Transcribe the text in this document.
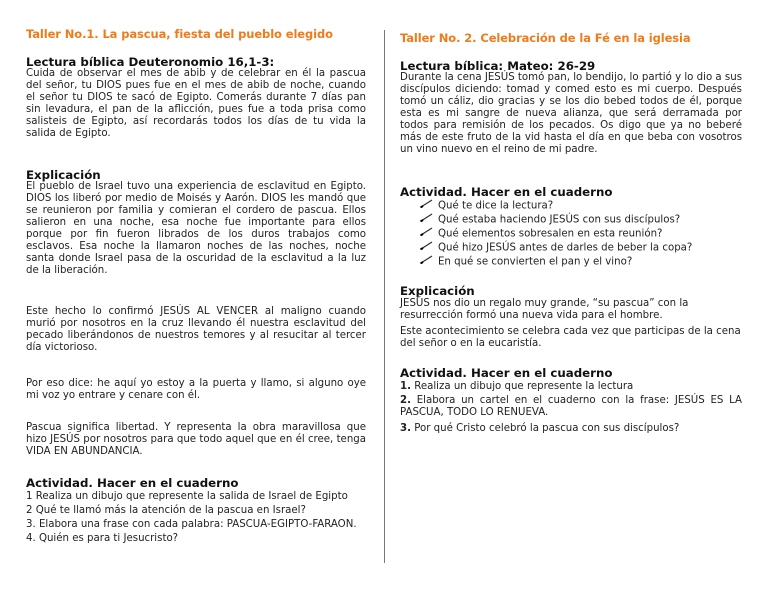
Taller No.1. La pascua, fiesta del pueblo elegido
Lectura bíblica Deuteronomio 16,1-3:
Cuida de observar el mes de abib y de celebrar en él la pascua del señor, tu DIOS pues fue en el mes de abib de noche, cuando el señor tu DIOS te sacó de Egipto. Comerás durante 7 días pan sin levadura, el pan de la aflicción, pues fue a toda prisa como salisteis de Egipto, así recordarás todos los días de tu vida la salida de Egipto.
Explicación
El pueblo de Israel tuvo una experiencia de esclavitud en Egipto. DIOS los liberó por medio de Moisés y Aarón. DIOS les mandó que se reunieron por familia y comieran el cordero de pascua. Ellos salieron en una noche, esa noche fue importante para ellos porque por fin fueron librados de los duros trabajos como esclavos. Esa noche la llamaron noches de las noches, noche santa donde Israel pasa de la oscuridad de la esclavitud a la luz de la liberación.
Este hecho lo confirmó JESÚS AL VENCER al maligno cuando murió por nosotros en la cruz llevando él nuestra esclavitud del pecado liberándonos de nuestros temores y al resucitar al tercer día victorioso.
Por eso dice: he aquí yo estoy a la puerta y llamo, si alguno oye mi voz yo entrare y cenare con él.
Pascua significa libertad. Y representa la obra maravillosa que hizo JESÚS por nosotros para que todo aquel que en él cree, tenga VIDA EN ABUNDANCIA.
Actividad. Hacer en el cuaderno
1 Realiza un dibujo que represente la salida de Israel de Egipto
2 Qué te llamó más la atención de la pascua en Israel?
3. Elabora una frase con cada palabra: PASCUA-EGIPTO-FARAON.
4. Quién es para ti Jesucristo?
Taller No. 2. Celebración de la Fé en la iglesia
Lectura bíblica: Mateo: 26-29
Durante la cena JESÚS tomó pan, lo bendijo, lo partió y lo dio a sus discípulos diciendo: tomad y comed esto es mi cuerpo. Después tomó un cáliz, dio gracias y se los dio bebed todos de él, porque esta es mi sangre de nueva alianza, que será derramada por todos para remisión de los pecados. Os digo que ya no beberé más de este fruto de la vid hasta el día en que beba con vosotros un vino nuevo en el reino de mi padre.
Actividad. Hacer en el cuaderno
Qué te dice la lectura?
Qué estaba haciendo JESÚS con sus discípulos?
Qué elementos sobresalen en esta reunión?
Qué hizo JESÚS antes de darles de beber la copa?
En qué se convierten el pan y el vino?
Explicación
JESÚS nos dio un regalo muy grande, “su pascua” con la resurrección formó una nueva vida para el hombre.
Este acontecimiento se celebra cada vez que participas de la cena del señor o en la eucaristía.
Actividad. Hacer en el cuaderno
1. Realiza un dibujo que represente la lectura
2. Elabora un cartel en el cuaderno con la frase: JESÚS ES LA PASCUA, TODO LO RENUEVA.
3. Por qué Cristo celebró la pascua con sus discípulos?
